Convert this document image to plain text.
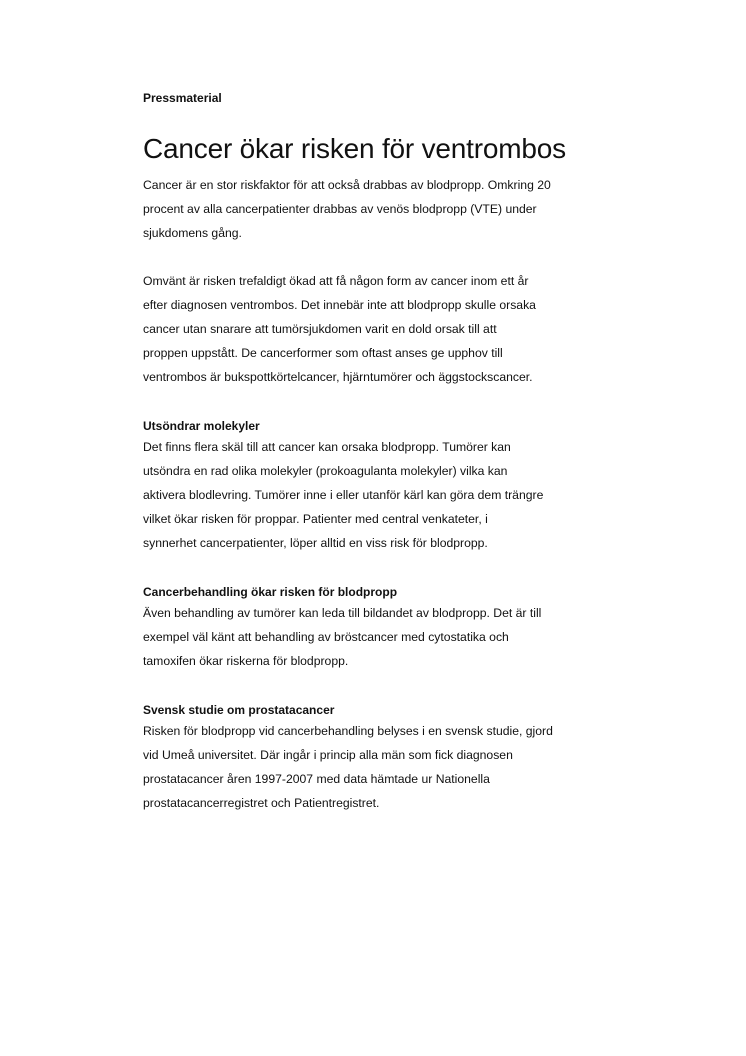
Pressmaterial

Cancer ökar risken för ventrombos

Cancer är en stor riskfaktor för att också drabbas av blodpropp. Omkring 20
procent av alla cancerpatienter drabbas av venös blodpropp (VTE) under
sjukdomens gång.

Omvänt är risken trefaldigt ökad att få någon form av cancer inom ett år
efter diagnosen ventrombos. Det innebär inte att blodpropp skulle orsaka
cancer utan snarare att tumörsjukdomen varit en dold orsak till att
proppen uppstått. De cancerformer som oftast anses ge upphov till
ventrombos är bukspottkörtelcancer, hjärntumörer och äggstockscancer.

Utsöndrar molekyler

Det finns flera skäl till att cancer kan orsaka blodpropp. Tumörer kan
utsöndra en rad olika molekyler (prokoagulanta molekyler) vilka kan
aktivera blodlevring. Tumörer inne i eller utanför kärl kan göra dem trängre
vilket ökar risken för proppar. Patienter med central venkateter, i
synnerhet cancerpatienter, löper alltid en viss risk för blodpropp.

Cancerbehandling ökar risken för blodpropp

Även behandling av tumörer kan leda till bildandet av blodpropp. Det är till
exempel väl känt att behandling av bröstcancer med cytostatika och
tamoxifen ökar riskerna för blodpropp.

Svensk studie om prostatacancer

Risken för blodpropp vid cancerbehandling belyses i en svensk studie, gjord
vid Umeå universitet. Där ingår i princip alla män som fick diagnosen
prostatacancer åren 1997-2007 med data hämtade ur Nationella
prostatacancerregistret och Patientregistret.
